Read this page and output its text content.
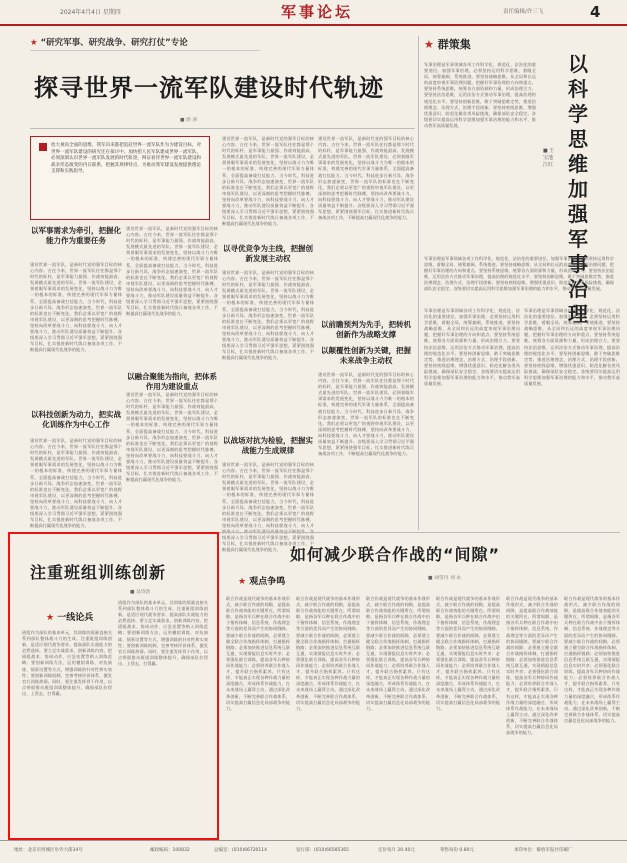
2024年4月4日 星期四	军事论坛	责任编辑/许三飞	4
★ “研究军事、研究战争、研究打仗”专论
探寻世界一流军队建设时代轨迹
■ 徐 涛
放大视角全面的思维，我军向来都把追赶世界一流军队作为为建设目标，对世界一流军队建设的研究还在探讨中。加快把人民军队建成世界一流军队，必须深刻认识世界一流军队发展的时代轨迹，辩证看待世界一流军队建设和战争形态演变的内在联系，把握其规律特点，为推动我军建设发展提供理论支撑和实践指导。
以军事需求为牵引，把握化能力作为重要任务
建设世界一流军队，是新时代党的强军目标的核心内容。古往今来，世界一流军队往往都是那个时代的标杆，是军事能力最强、作战效能最高、发展模式最先进的军队。世界一流军队建设，必须着眼军事需求的发展变化，坚持以战斗力为唯一的根本的标准，构建完善的现代军事力量体系，全面提高备战打仗能力。当今时代，科技进步日新月异，战争形态加速演变，世界一流军队的标准也在不断变化。我们必须以更宽广的视野审视军队建设，以更深刻的思考把握时代脉搏，坚持向改革要战斗力、向科技要战斗力、向人才要战斗力，推动军队建设质量效益不断提升。各级要深入学习贯彻习近平强军思想，紧紧围绕强军目标，扎实推进新时代练兵备战各项工作，不断提高打赢现代化战争的能力。
以融合聚能为指向，把体系作用为建设重点
以科技创新为动力，把实战化训练作为中心工作
建设世界一流军队，是新时代党的强军目标的核心内容。古往今来，世界一流军队往往都是那个时代的标杆，是军事能力最强、作战效能最高、发展模式最先进的军队。世界一流军队建设，必须着眼军事需求的发展变化，坚持以战斗力为唯一的根本的标准，构建完善的现代军事力量体系，全面提高备战打仗能力。当今时代，科技进步日新月异，战争形态加速演变，世界一流军队的标准也在不断变化。我们必须以更宽广的视野审视军队建设，以更深刻的思考把握时代脉搏，坚持向改革要战斗力、向科技要战斗力、向人才要战斗力，推动军队建设质量效益不断提升。各级要深入学习贯彻习近平强军思想，紧紧围绕强军目标，扎实推进新时代练兵备战各项工作，不断提高打赢现代化战争的能力。
建设世界一流军队，是新时代党的强军目标的核心内容。古往今来，世界一流军队往往都是那个时代的标杆，是军事能力最强、作战效能最高、发展模式最先进的军队。世界一流军队建设，必须着眼军事需求的发展变化，坚持以战斗力为唯一的根本的标准，构建完善的现代军事力量体系，全面提高备战打仗能力。当今时代，科技进步日新月异，战争形态加速演变，世界一流军队的标准也在不断变化。我们必须以更宽广的视野审视军队建设，以更深刻的思考把握时代脉搏，坚持向改革要战斗力、向科技要战斗力、向人才要战斗力，推动军队建设质量效益不断提升。各级要深入学习贯彻习近平强军思想，紧紧围绕强军目标，扎实推进新时代练兵备战各项工作，不断提高打赢现代化战争的能力。
建设世界一流军队，是新时代党的强军目标的核心内容。古往今来，世界一流军队往往都是那个时代的标杆，是军事能力最强、作战效能最高、发展模式最先进的军队。世界一流军队建设，必须着眼军事需求的发展变化，坚持以战斗力为唯一的根本的标准，构建完善的现代军事力量体系，全面提高备战打仗能力。当今时代，科技进步日新月异，战争形态加速演变，世界一流军队的标准也在不断变化。我们必须以更宽广的视野审视军队建设，以更深刻的思考把握时代脉搏，坚持向改革要战斗力、向科技要战斗力、向人才要战斗力，推动军队建设质量效益不断提升。各级要深入学习贯彻习近平强军思想，紧紧围绕强军目标，扎实推进新时代练兵备战各项工作，不断提高打赢现代化战争的能力。
建设世界一流军队，是新时代党的强军目标的核心内容。古往今来，世界一流军队往往都是那个时代的标杆，是军事能力最强、作战效能最高、发展模式最先进的军队。世界一流军队建设，必须着眼军事需求的发展变化，坚持以战斗力为唯一的根本的标准，构建完善的现代军事力量体系，全面提高备战打仗能力。当今时代，科技进步日新月异，战争形态加速演变，世界一流军队的标准也在不断变化。我们必须以更宽广的视野审视军队建设，以更深刻的思考把握时代脉搏，坚持向改革要战斗力、向科技要战斗力、向人才要战斗力，推动军队建设质量效益不断提升。各级要深入学习贯彻习近平强军思想，紧紧围绕强军目标，扎实推进新时代练兵备战各项工作，不断提高打赢现代化战争的能力。
以寻优竞争为主线，把握创新发展主动权
建设世界一流军队，是新时代党的强军目标的核心内容。古往今来，世界一流军队往往都是那个时代的标杆，是军事能力最强、作战效能最高、发展模式最先进的军队。世界一流军队建设，必须着眼军事需求的发展变化，坚持以战斗力为唯一的根本的标准，构建完善的现代军事力量体系，全面提高备战打仗能力。当今时代，科技进步日新月异，战争形态加速演变，世界一流军队的标准也在不断变化。我们必须以更宽广的视野审视军队建设，以更深刻的思考把握时代脉搏，坚持向改革要战斗力、向科技要战斗力、向人才要战斗力，推动军队建设质量效益不断提升。各级要深入学习贯彻习近平强军思想，紧紧围绕强军目标，扎实推进新时代练兵备战各项工作，不断提高打赢现代化战争的能力。
以战场对抗为检验，把握实战能力生成规律
建设世界一流军队，是新时代党的强军目标的核心内容。古往今来，世界一流军队往往都是那个时代的标杆，是军事能力最强、作战效能最高、发展模式最先进的军队。世界一流军队建设，必须着眼军事需求的发展变化，坚持以战斗力为唯一的根本的标准，构建完善的现代军事力量体系，全面提高备战打仗能力。当今时代，科技进步日新月异，战争形态加速演变，世界一流军队的标准也在不断变化。我们必须以更宽广的视野审视军队建设，以更深刻的思考把握时代脉搏，坚持向改革要战斗力、向科技要战斗力、向人才 级要深入学习贯彻习近平强军思想，紧紧围绕强军目标，扎实推进新时代练兵备战各项工作，不断提高打赢现代化战争的能力。
建设世界一流军队，是新时代党的强军目标的核心内容。古往今来，世界一流军队往往都是那个时代的标杆，是军事能力最强、作战效能最高、发展模式最先进的军队。世界一流军队建设，必须着眼军事需求的发展变化，坚持以战斗力为唯一的根本的标准，构建完善的现代军事力量体系，全面提高备战打仗能力。当今时代，科技进步日新月异，战争形态加速演变，世界一流军队的标准也在不断变化。我们必须以更宽广的视野审视军队建设，以更深刻的思考把握时代脉搏，坚持向改革要战斗力、向科技要战斗力、向人才要战斗力，推动军队建设质量效益不断提升。各级要深入学习贯彻习近平强军思想，紧紧围绕强军目标，扎实推进新时代练兵备战各项工作，不断提高打赢现代化战争的能力。
以前瞻预判为先手，把转机创新作为战略支撑
以颠覆性创新为关键，把握未来战争主动权
建设世界一流军队，是新时代党的强军目标的核心内容。古往今来，世界一流军队往往都是那个时代的标杆，是军事能力最强、作战效能最高、发展模式最先进的军队。世界一流军队建设，必须着眼军事需求的发展变化，坚持以战斗力为唯一的根本的标准，构建完善的现代军事力量体系，全面提高备战打仗能力。当今时代，科技进步日新月异，战争形态加速演变，世界一流军队的标准也在不断变化。我们必须以更宽广的视野审视军队建设，以更深刻的思考把握时代脉搏，坚持向改革要战斗力、向科技要战斗力、向人才要战斗力，推动军队建设质量效益不断提升。各级要深入学习贯彻习近平强军思想，紧紧围绕强军目标，扎实推进新时代练兵备战各项工作，不断提高打赢现代化战争的能力。
★ 群策集
军事治理是军事领域各项工作科学化、规范化、法治化的重要途径。加强军事治理，必须坚持运用科学思维，着眼全局，统筹兼顾，系统推进。要坚持战略思维，从全局和长远的高度审视军事治理问题，把握好军事治理的方向和重点。要坚持系统思维，统筹各方面资源和力量，形成治理合力。要坚持法治思维，运用法治方式推动军事治理，提高治理的规范化水平。要坚持创新思维，敢于突破思维定势，推进治理理念、治理方式、治理手段创新。要坚持底线思维，增强忧患意识，防范化解各类风险挑战，确保部队安全稳定。各级要切实提高运用科学思维加强军事治理的能力和水平，推动我军高质量发展。
■ 王宝池 江红
以科学思维加强军事治理
军事治理是军事领域各项工作科学化、规范化、法治化的重要途径。加强军事治理，必须坚持运用科学思维，着眼全局，统筹兼顾，系统推进。要坚持战略思维，从全局和长远的高度审视军事治理问题，把握好军事治理的方向和重点。要坚持系统思维，统筹各方面资源和力量，形成治理合力。要坚持法治思维，运用法治方式推动军事治理，提高治理的规范化水平。要坚持创新思维，敢于突破思维定势，推进治理理念、治理方式、治理手段创新。要坚持底线思维，增强忧患意识，防范化解各类风险挑战，确保部队安全稳定。各级要切实提高运用科学思维加强军事治理的能力和水平，推动我军高质量发展。
军事治理是军事领域各项工作科学化、规范化、法治化的重要途径。加强军事治理，必须坚持运用科学思维，着眼全局，统筹兼顾，系统推进。要坚持战略思维，从全局和长远的高度审视军事治理问题，把握好军事治理的方向和重点。要坚持系统思维，统筹各方面资源和力量，形成治理合力。要坚持法治思维，运用法治方式推动军事治理，提高治理的规范化水平。要坚持创新思维，敢于突破思维定势，推进治理理念、治理方式、治理手段创新。要坚持底线思维，增强忧患意识，防范化解各类风险挑战，确保部队安全稳定。各级要切实提高运用科学思维加强军事治理的能力和水平，推动我军高质量发展。
军事治理是军事领域各项工作科学化、规范化、法治化的重要途径。加强军事治理，必须坚持运用科学思维，着眼全局，统筹兼顾，系统推进。要坚持战略思维，从全局和长远的高度审视军事治理问题，把握好军事治理的方向和重点。要坚持系统思维，统筹各方面资源和力量，形成治理合力。要坚持法治思维，运用法治方式推动军事治理，提高治理的规范化水平。要坚持创新思维，敢于突破思维定势，推进治理理念、治理方式、治理手段创新。要坚持底线思维，增强忧患意识，防范化解各类风险挑战，确保部队安全稳定。各级要切实提高运用科学思维加强军事治理的能力和水平，推动我军高质量发展。
注重班组训练创新
■ 吴诗浩
★ 一线论兵
班组作为部队的基本单元，其训练的质量直接关系到部队整体战斗力的生成。注重班组训练创新，是适应现代战争要求、提高部队实战能力的必然选择。要立足实战需求，创新训练内容，把班组战术、协同动作、应急处置等纳入训练范畴；要创新训练方法，运用模拟训练、对抗演练、情景设置等方式，增强训练的针对性和实效性；要创新训练机制，完善考核评价体系，激发官兵训练热情。同时，要注重发挥骨干作用，以点带面推动班组训练整体提升，确保部队拉得出、上得去、打得赢。
班组作为部队的基本单元，其训练的质量直接关系到部队整体战斗力的生成。注重班组训练创新，是适应现代战争要求、提高部队实战能力的必然选择。要立足实战需求，创新训练内容，把班组战术、协同动作、应急处置等纳入训练范畴；要创新训练方法，运用模拟训练、对抗演练、情景设置等方式，增强训练的针对性和实效性；要创新训练机制，完善考核评价体系，激发官兵训练热情。同时，要注重发挥骨干作用，以点带面推动班组训练整体提升，确保部队拉得出、上得去、打得赢。
如何减少联合作战的“间隙”
■ 刘雪丹 刘 永
★ 观点争鸣
联合作战是现代战争的基本作战形式，减少联合作战的间隙，是提高联合作战效能的关键所在。所谓间隙，是指各军兵种在联合作战中由于指挥体制、信息系统、作战理念等方面的差异而产生的协同缝隙。要减少联合作战的间隙，必须建立健全联合作战指挥体制，打通指挥链路；必须加快推进信息系统互联互通，实现情报信息实时共享；必须强化联合训练，提高各军兵种协同作战能力；必须培养联合作战人才，提升联合指挥素养。只有这样，才能真正实现各种作战力量的深度融合，形成体系作战能力，在未来战场上赢得主动。通过深化改革创新，不断完善联合作战体系，切实提高打赢信息化局部战争的能力。
联合作战是现代战争的基本作战形式，减少联合作战的间隙，是提高联合作战效能的关键所在。所谓间隙，是指各军兵种在联合作战中由于指挥体制、信息系统、作战理念等方面的差异而产生的协同缝隙。要减少联合作战的间隙，必须建立健全联合作战指挥体制，打通指挥链路；必须加快推进信息系统互联互通，实现情报信息实时共享；必须强化联合训练，提高各军兵种协同作战能力；必须培养联合作战人才，提升联合指挥素养。只有这样，才能真正实现各种作战力量的深度融合，形成体系作战能力，在未来战场上赢得主动。通过深化改革创新，不断完善联合作战体系，切实提高打赢信息化局部战争的能力。
联合作战是现代战争的基本作战形式，减少联合作战的间隙，是提高联合作战效能的关键所在。所谓间隙，是指各军兵种在联合作战中由于指挥体制、信息系统、作战理念等方面的差异而产生的协同缝隙。要减少联合作战的间隙，必须建立健全联合作战指挥体制，打通指挥链路；必须加快推进信息系统互联互通，实现情报信息实时共享；必须强化联合训练，提高各军兵种协同作战能力；必须培养联合作战人才，提升联合指挥素养。只有这样，才能真正实现各种作战力量的深度融合，形成体系作战能力，在未来战场上赢得主动。通过深化改革创新，不断完善联合作战体系，切实提高打赢信息化局部战争的能力。
联合作战是现代战争的基本作战形式，减少联合作战的间隙，是提高联合作战效能的关键所在。所谓间隙，是指各军兵种在联合作战中由于指挥体制、信息系统、作战理念等方面的差异而产生的协同缝隙。要减少联合作战的间隙，必须建立健全联合作战指挥体制，打通指挥链路；必须加快推进信息系统互联互通，实现情报信息实时共享；必须强化联合训练，提高各军兵种协同作战能力；必须培养联合作战人才，提升联合指挥素养。只有这样，才能真正实现各种作战力量的深度融合，形成体系作战能力，在未来战场上赢得主动。通过深化改革创新，不断完善联合作战体系，切实提高打赢信息化局部战争的能力。
联合作战是现代战争的基本作战形式，减少联合作战的间隙，是提高联合作战效能的关键所在。所谓间隙，是指各军兵种在联合作战中由于指挥体制、信息系统、作战理念等方面的差异而产生的协同缝隙。要减少联合作战的间隙，必须建立健全联合作战指挥体制，打通指挥链路；必须加快推进信息系统互联互通，实现情报信息实时共享；必须强化联合训练，提高各军兵种协同作战能力；必须培养联合作战人才，提升联合指挥素养。只有这样，才能真正实现各种作战力量的深度融合，形成体系作战能力，在未来战场上赢得主动。通过深化改革创新，不断完善联合作战体系，切实提高打赢信息化局部战争的能力。
联合作战是现代战争的基本作战形式，减少联合作战的间隙，是提高联合作战效能的关键所在。所谓间隙，是指各军兵种在联合作战中由于指挥体制、信息系统、作战理念等方面的差异而产生的协同缝隙。要减少联合作战的间隙，必须建立健全联合作战指挥体制，打通指挥链路；必须加快推进信息系统互联互通，实现情报信息实时共享；必须强化联合训练，提高各军兵种协同作战能力；必须培养联合作战人才，提升联合指挥素养。只有这样，才能真正实现各种作战力量的深度融合，形成体系作战能力，在未来战场上赢得主动。通过深化改革创新，不断完善联合作战体系，切实提高打赢信息化局部战争的能力。
地址：北京市西城区阜外大街34号	邮政编码：100832	总编室：(010)66720114	发行部：(010)66585365	定价每月 20.40元	零售每份 0.80元	承印单位：解放军报社印刷厂
